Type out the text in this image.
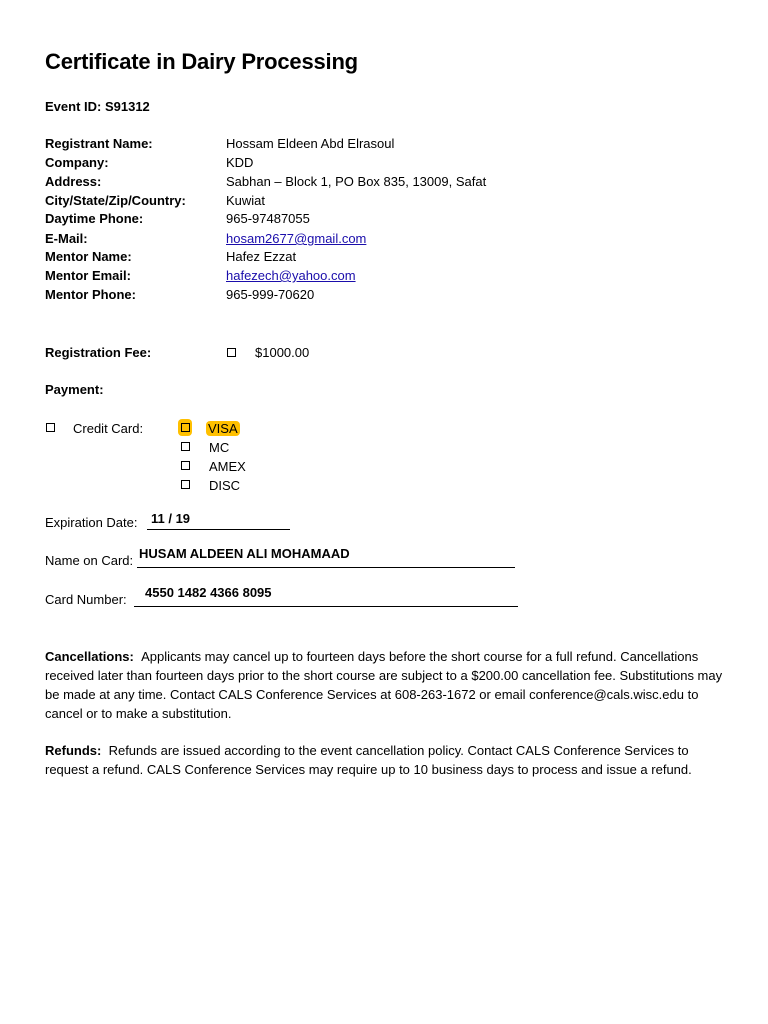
Certificate in Dairy Processing
Event ID: S91312
Registrant Name:	Hossam Eldeen Abd Elrasoul
Company:	KDD
Address:	Sabhan – Block 1, PO Box 835, 13009, Safat
City/State/Zip/Country:	Kuwiat
Daytime Phone:	965-97487055
E-Mail:	hosam2677@gmail.com
Mentor Name:	Hafez Ezzat
Mentor Email:	hafezech@yahoo.com
Mentor Phone:	965-999-70620
Registration Fee:	$1000.00
Payment:
Credit Card:	VISA
MC
AMEX
DISC
Expiration Date: 11 / 19
Name on Card: HUSAM ALDEEN ALI MOHAMAAD
Card Number: 4550 1482 4366 8095
Cancellations: Applicants may cancel up to fourteen days before the short course for a full refund. Cancellations received later than fourteen days prior to the short course are subject to a $200.00 cancellation fee. Substitutions may be made at any time. Contact CALS Conference Services at 608-263-1672 or email conference@cals.wisc.edu to cancel or to make a substitution.
Refunds: Refunds are issued according to the event cancellation policy. Contact CALS Conference Services to request a refund. CALS Conference Services may require up to 10 business days to process and issue a refund.
